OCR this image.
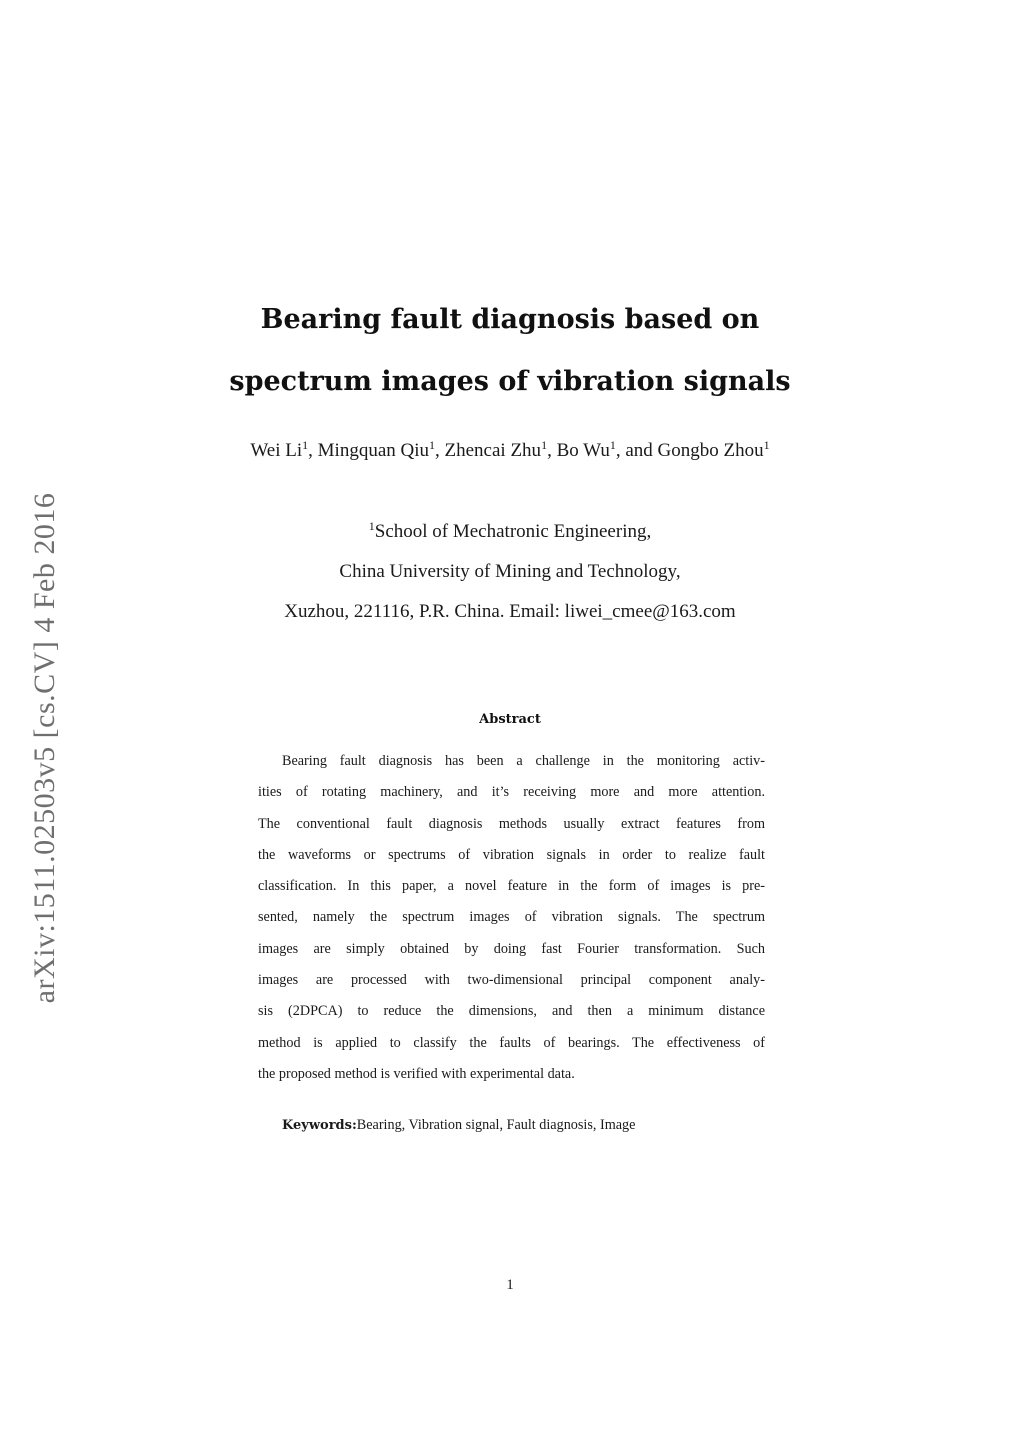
arXiv:1511.02503v5 [cs.CV] 4 Feb 2016
Bearing fault diagnosis based on
spectrum images of vibration signals
Wei Li$^1$, Mingquan Qiu$^1$, Zhencai Zhu$^1$, Bo Wu$^1$, and Gongbo Zhou$^1$
$^1$School of Mechatronic Engineering,
China University of Mining and Technology,
Xuzhou, 221116, P.R. China. Email: liwei_cmee@163.com
Abstract
Bearing fault diagnosis has been a challenge in the monitoring activ-
ities of rotating machinery, and it’s receiving more and more attention.
The conventional fault diagnosis methods usually extract features from
the waveforms or spectrums of vibration signals in order to realize fault
classification. In this paper, a novel feature in the form of images is pre-
sented, namely the spectrum images of vibration signals. The spectrum
images are simply obtained by doing fast Fourier transformation. Such
images are processed with two-dimensional principal component analy-
sis (2DPCA) to reduce the dimensions, and then a minimum distance
method is applied to classify the faults of bearings. The effectiveness of
the proposed method is verified with experimental data.
Keywords:Bearing, Vibration signal, Fault diagnosis, Image
1
